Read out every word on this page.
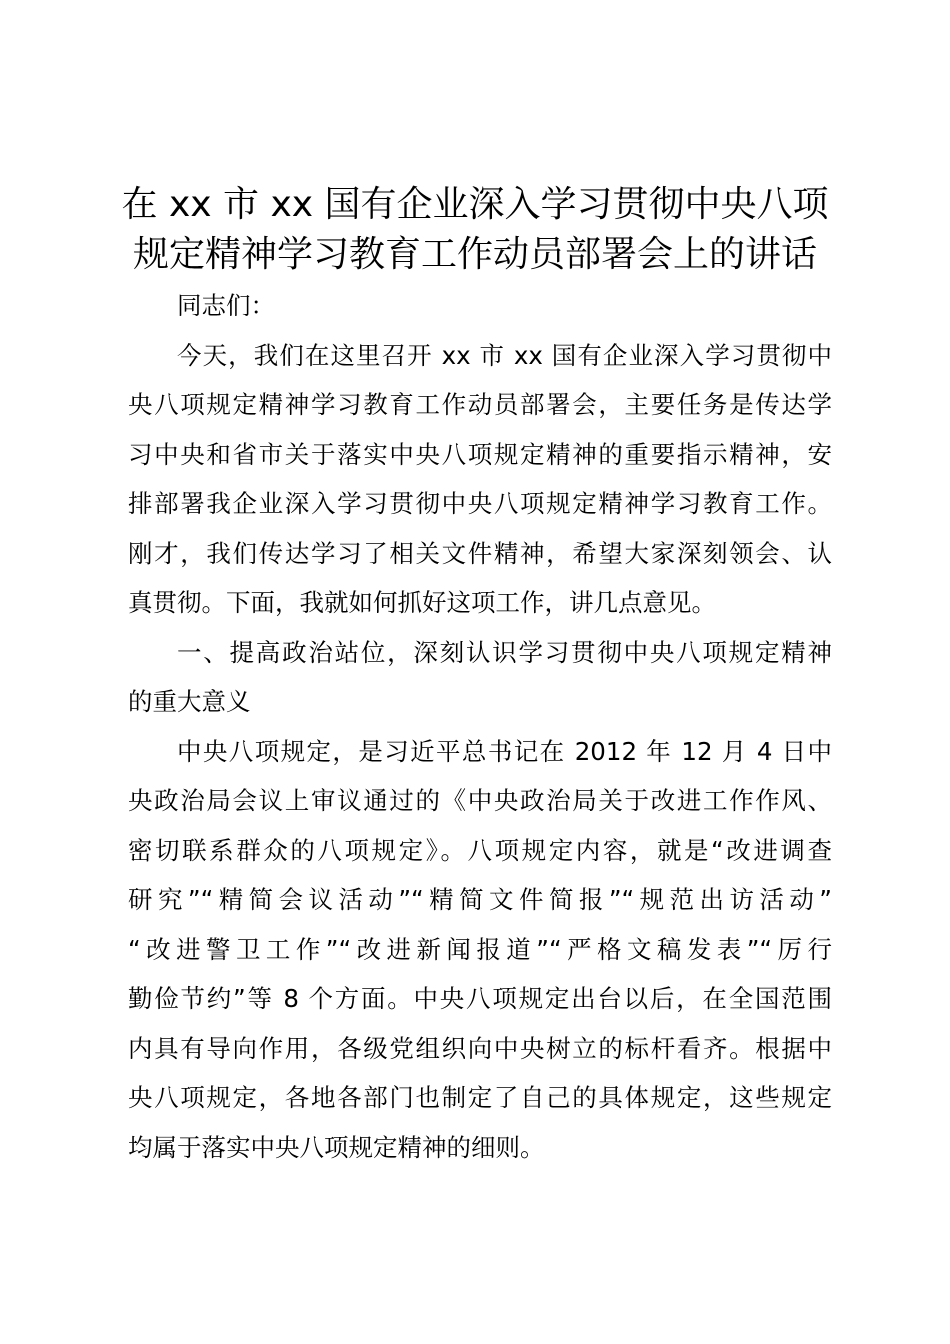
在 xx 市 xx 国有企业深入学习贯彻中央八项
规定精神学习教育工作动员部署会上的讲话
同志们：
今天，我们在这里召开 xx 市 xx 国有企业深入学习贯彻中
央八项规定精神学习教育工作动员部署会，主要任务是传达学
习中央和省市关于落实中央八项规定精神的重要指示精神，安
排部署我企业深入学习贯彻中央八项规定精神学习教育工作。
刚才，我们传达学习了相关文件精神，希望大家深刻领会、认
真贯彻。下面，我就如何抓好这项工作，讲几点意见。
一、提高政治站位，深刻认识学习贯彻中央八项规定精神
的重大意义
中央八项规定，是习近平总书记在 2012 年 12 月 4 日中
央政治局会议上审议通过的《中央政治局关于改进工作作风、
密切联系群众的八项规定》。八项规定内容，就是“改进调查
研究”“精简会议活动”“精简文件简报”“规范出访活动”
“改进警卫工作”“改进新闻报道”“严格文稿发表”“厉行
勤俭节约”等 8 个方面。中央八项规定出台以后，在全国范围
内具有导向作用，各级党组织向中央树立的标杆看齐。根据中
央八项规定，各地各部门也制定了自己的具体规定，这些规定
均属于落实中央八项规定精神的细则。
